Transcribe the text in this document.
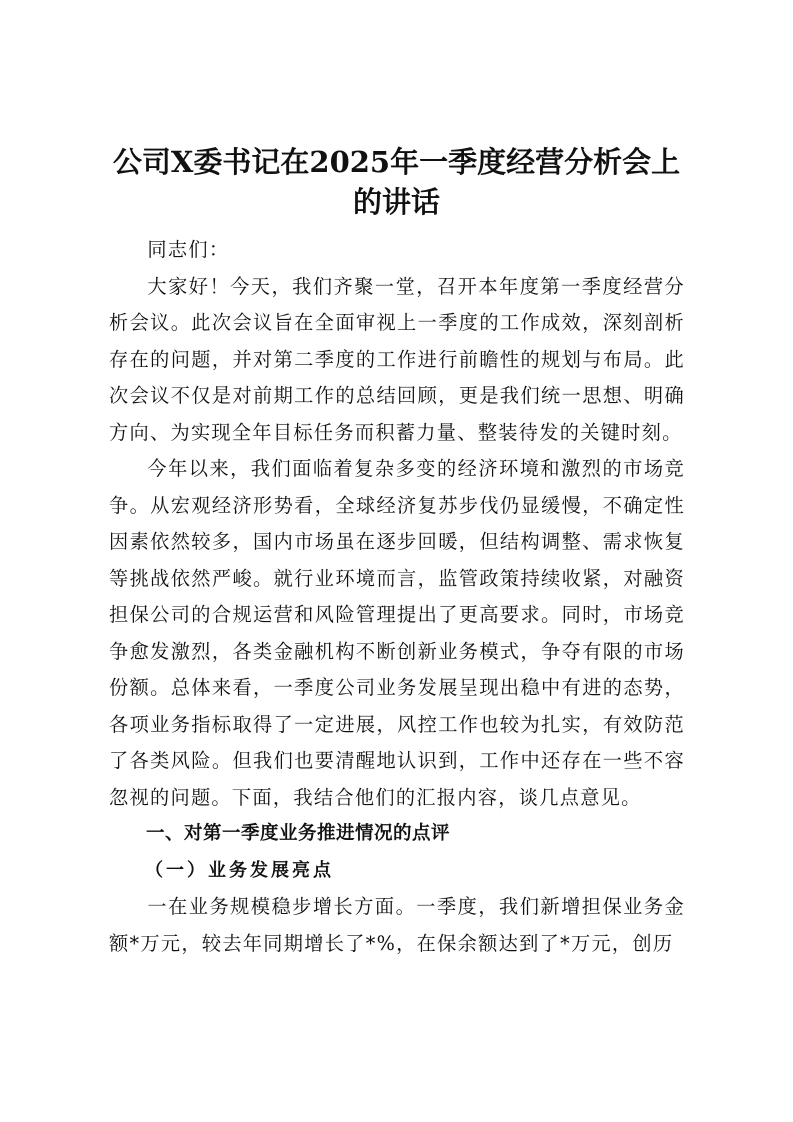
公司X委书记在2025年一季度经营分析会上
的讲话

同志们：

大家好！今天，我们齐聚一堂，召开本年度第一季度经营分析会议。此次会议旨在全面审视上一季度的工作成效，深刻剖析存在的问题，并对第二季度的工作进行前瞻性的规划与布局。此次会议不仅是对前期工作的总结回顾，更是我们统一思想、明确方向、为实现全年目标任务而积蓄力量、整装待发的关键时刻。

今年以来，我们面临着复杂多变的经济环境和激烈的市场竞争。从宏观经济形势看，全球经济复苏步伐仍显缓慢，不确定性因素依然较多，国内市场虽在逐步回暖，但结构调整、需求恢复等挑战依然严峻。就行业环境而言，监管政策持续收紧，对融资担保公司的合规运营和风险管理提出了更高要求。同时，市场竞争愈发激烈，各类金融机构不断创新业务模式，争夺有限的市场份额。总体来看，一季度公司业务发展呈现出稳中有进的态势，各项业务指标取得了一定进展，风控工作也较为扎实，有效防范了各类风险。但我们也要清醒地认识到，工作中还存在一些不容忽视的问题。下面，我结合他们的汇报内容，谈几点意见。

一、对第一季度业务推进情况的点评

（一）业务发展亮点

一在业务规模稳步增长方面。一季度，我们新增担保业务金额*万元，较去年同期增长了*%，在保余额达到了*万元，创历
